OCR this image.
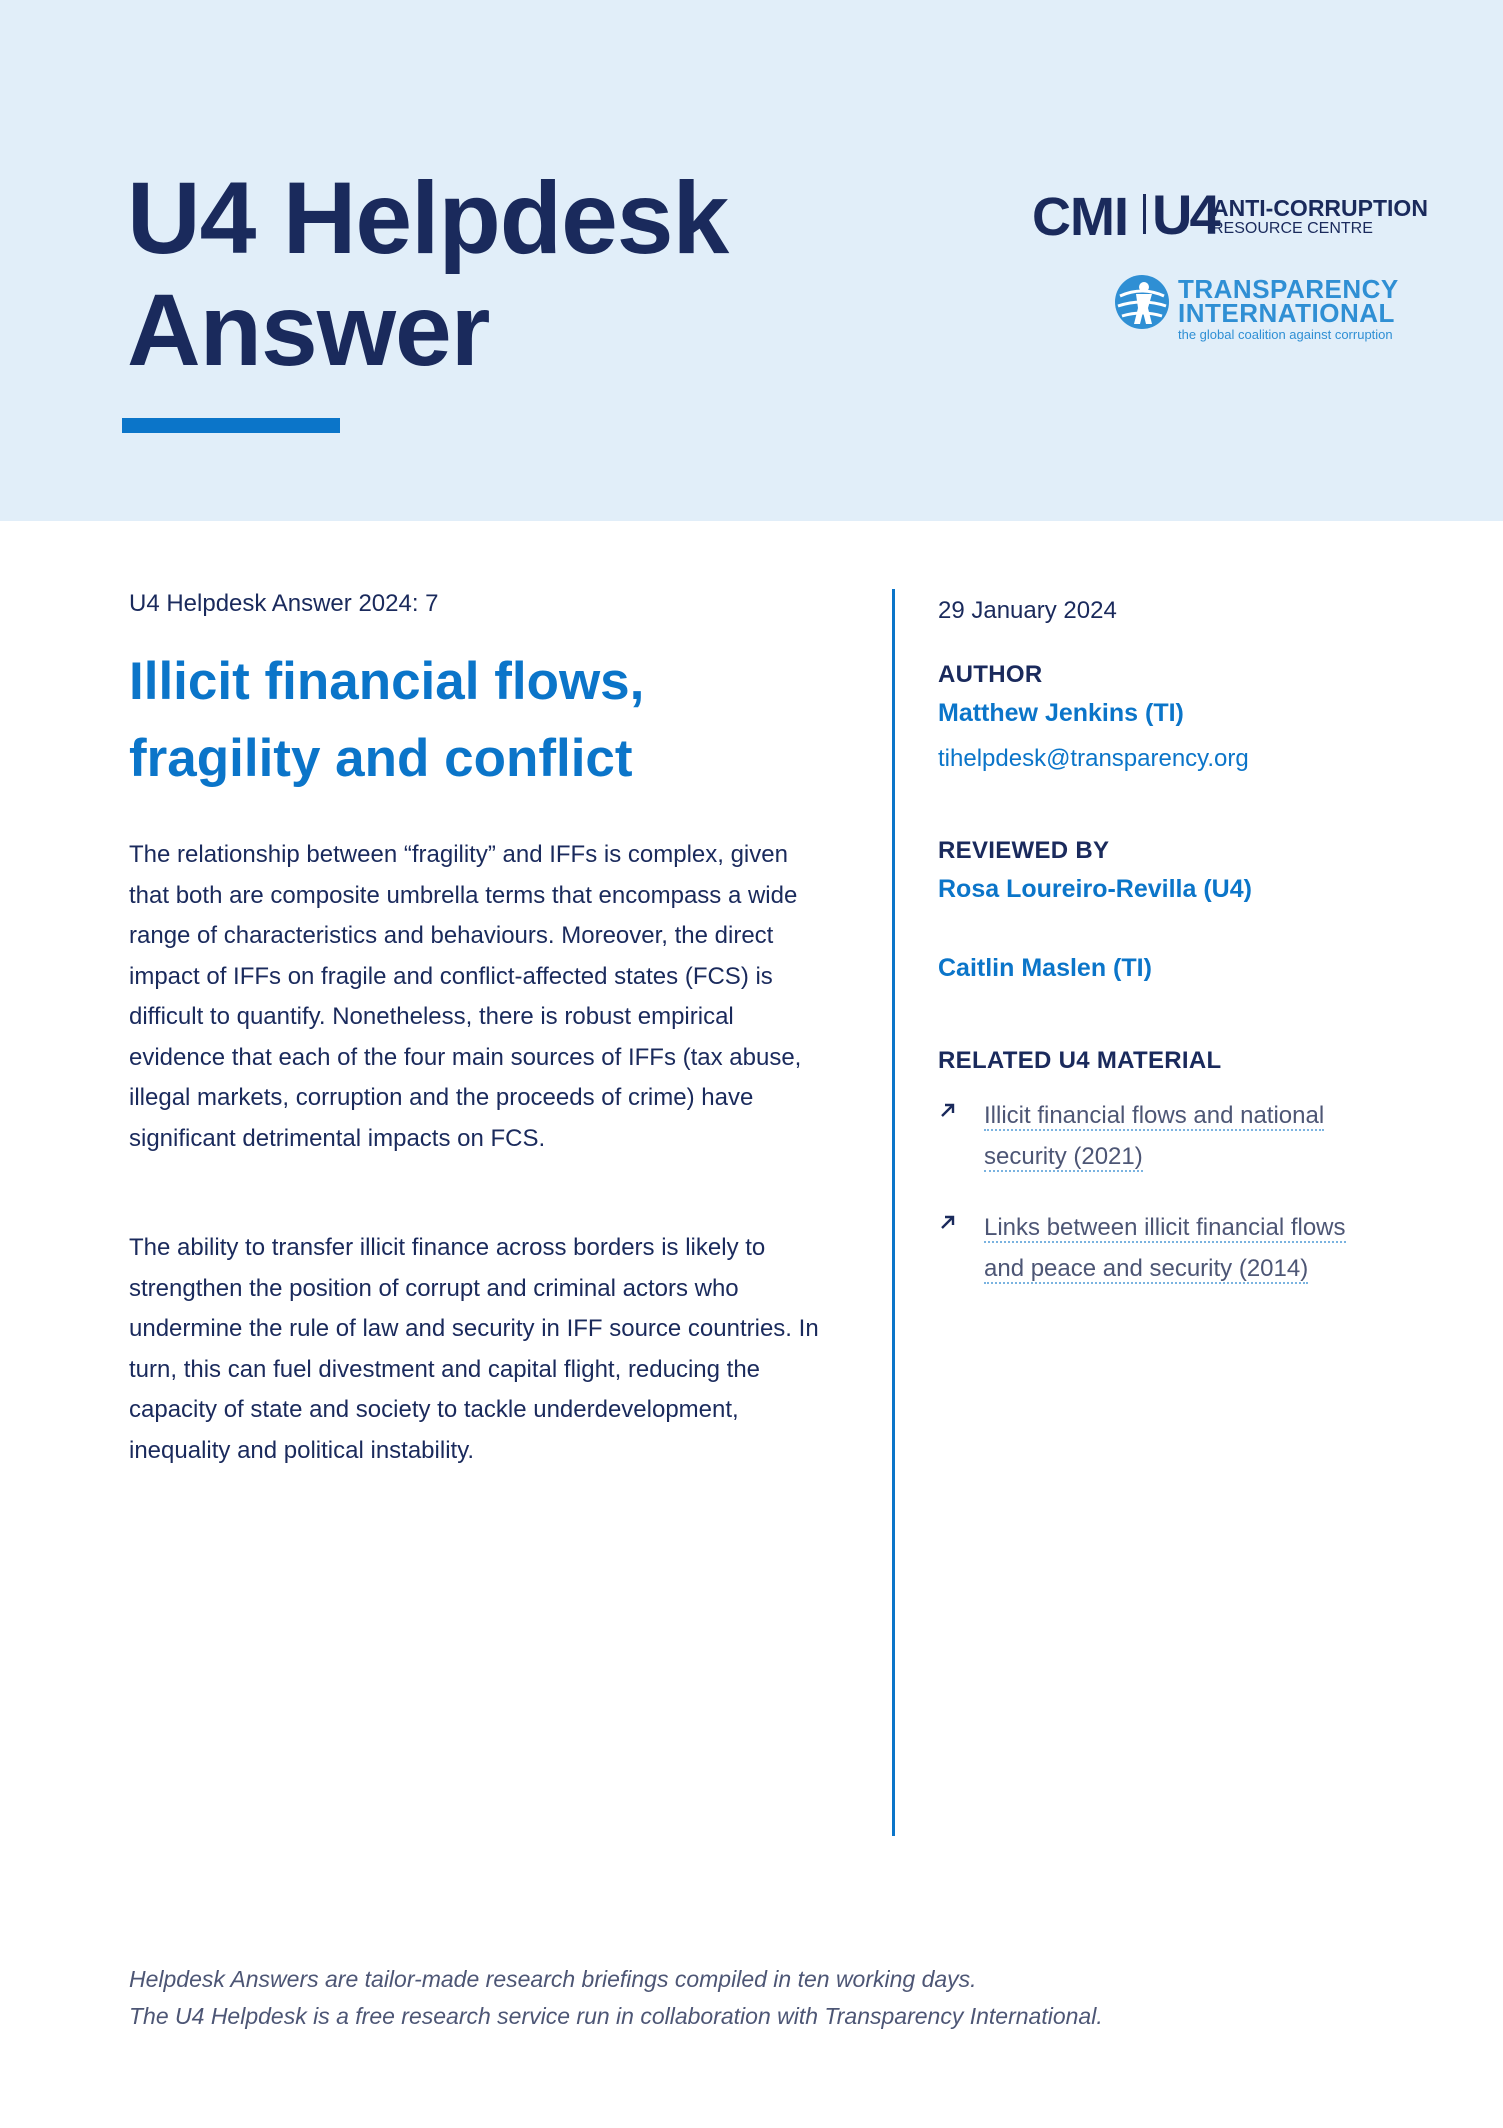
U4 Helpdesk
Answer
CMI U4
ANTI-CORRUPTION
RESOURCE CENTRE
TRANSPARENCY
INTERNATIONAL
the global coalition against corruption
U4 Helpdesk Answer 2024: 7
Illicit financial flows,
fragility and conflict

The relationship between “fragility” and IFFs is complex, given that both are composite umbrella terms that encompass a wide range of characteristics and behaviours. Moreover, the direct impact of IFFs on fragile and conflict-affected states (FCS) is difficult to quantify. Nonetheless, there is robust empirical evidence that each of the four main sources of IFFs (tax abuse, illegal markets, corruption and the proceeds of crime) have significant detrimental impacts on FCS.

The ability to transfer illicit finance across borders is likely to strengthen the position of corrupt and criminal actors who undermine the rule of law and security in IFF source countries. In turn, this can fuel divestment and capital flight, reducing the capacity of state and society to tackle underdevelopment, inequality and political instability.

29 January 2024
AUTHOR
Matthew Jenkins (TI)
tihelpdesk@transparency.org
REVIEWED BY
Rosa Loureiro-Revilla (U4)
Caitlin Maslen (TI)
RELATED U4 MATERIAL
Illicit financial flows and national security (2021)
Links between illicit financial flows and peace and security (2014)
Helpdesk Answers are tailor-made research briefings compiled in ten working days.
The U4 Helpdesk is a free research service run in collaboration with Transparency International.
